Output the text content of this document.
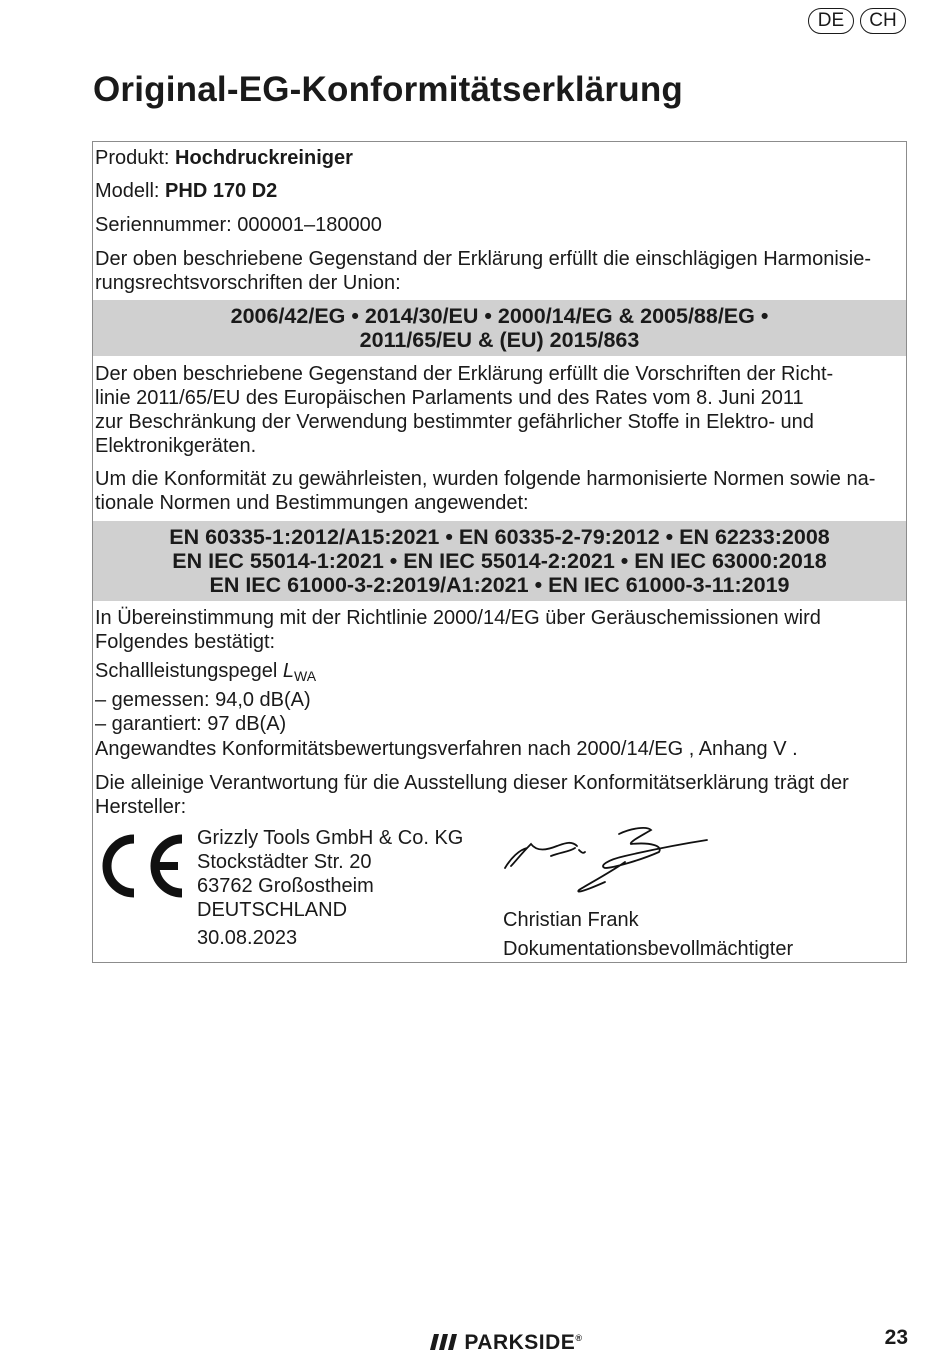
DE	CH
Original-EG-Konformitätserklärung
Produkt: Hochdruckreiniger
Modell: PHD 170 D2
Seriennummer: 000001–180000
Der oben beschriebene Gegenstand der Erklärung erfüllt die einschlägigen Harmonisie-
rungsrechtsvorschriften der Union:
2006/42/EG • 2014/30/EU • 2000/14/EG & 2005/88/EG •
2011/65/EU & (EU) 2015/863
Der oben beschriebene Gegenstand der Erklärung erfüllt die Vorschriften der Richt-
linie 2011/65/EU des Europäischen Parlaments und des Rates vom 8. Juni 2011
zur Beschränkung der Verwendung bestimmter gefährlicher Stoffe in Elektro- und
Elektronikgeräten.
Um die Konformität zu gewährleisten, wurden folgende harmonisierte Normen sowie na-
tionale Normen und Bestimmungen angewendet:
EN 60335-1:2012/A15:2021 • EN 60335-2-79:2012 • EN 62233:2008
EN IEC 55014-1:2021 • EN IEC 55014-2:2021 • EN IEC 63000:2018
EN IEC 61000-3-2:2019/A1:2021 • EN IEC 61000-3-11:2019
In Übereinstimmung mit der Richtlinie 2000/14/EG über Geräuschemissionen wird
Folgendes bestätigt:
Schallleistungspegel $L_{WA}$
– gemessen: 94,0 dB(A)
– garantiert: 97 dB(A)
Angewandtes Konformitätsbewertungsverfahren nach 2000/14/EG , Anhang V .
Die alleinige Verantwortung für die Ausstellung dieser Konformitätserklärung trägt der
Hersteller:
Grizzly Tools GmbH & Co. KG
Stockstädter Str. 20
63762 Großostheim
DEUTSCHLAND
30.08.2023
Christian Frank
Dokumentationsbevollmächtigter
PARKSIDE®	23
